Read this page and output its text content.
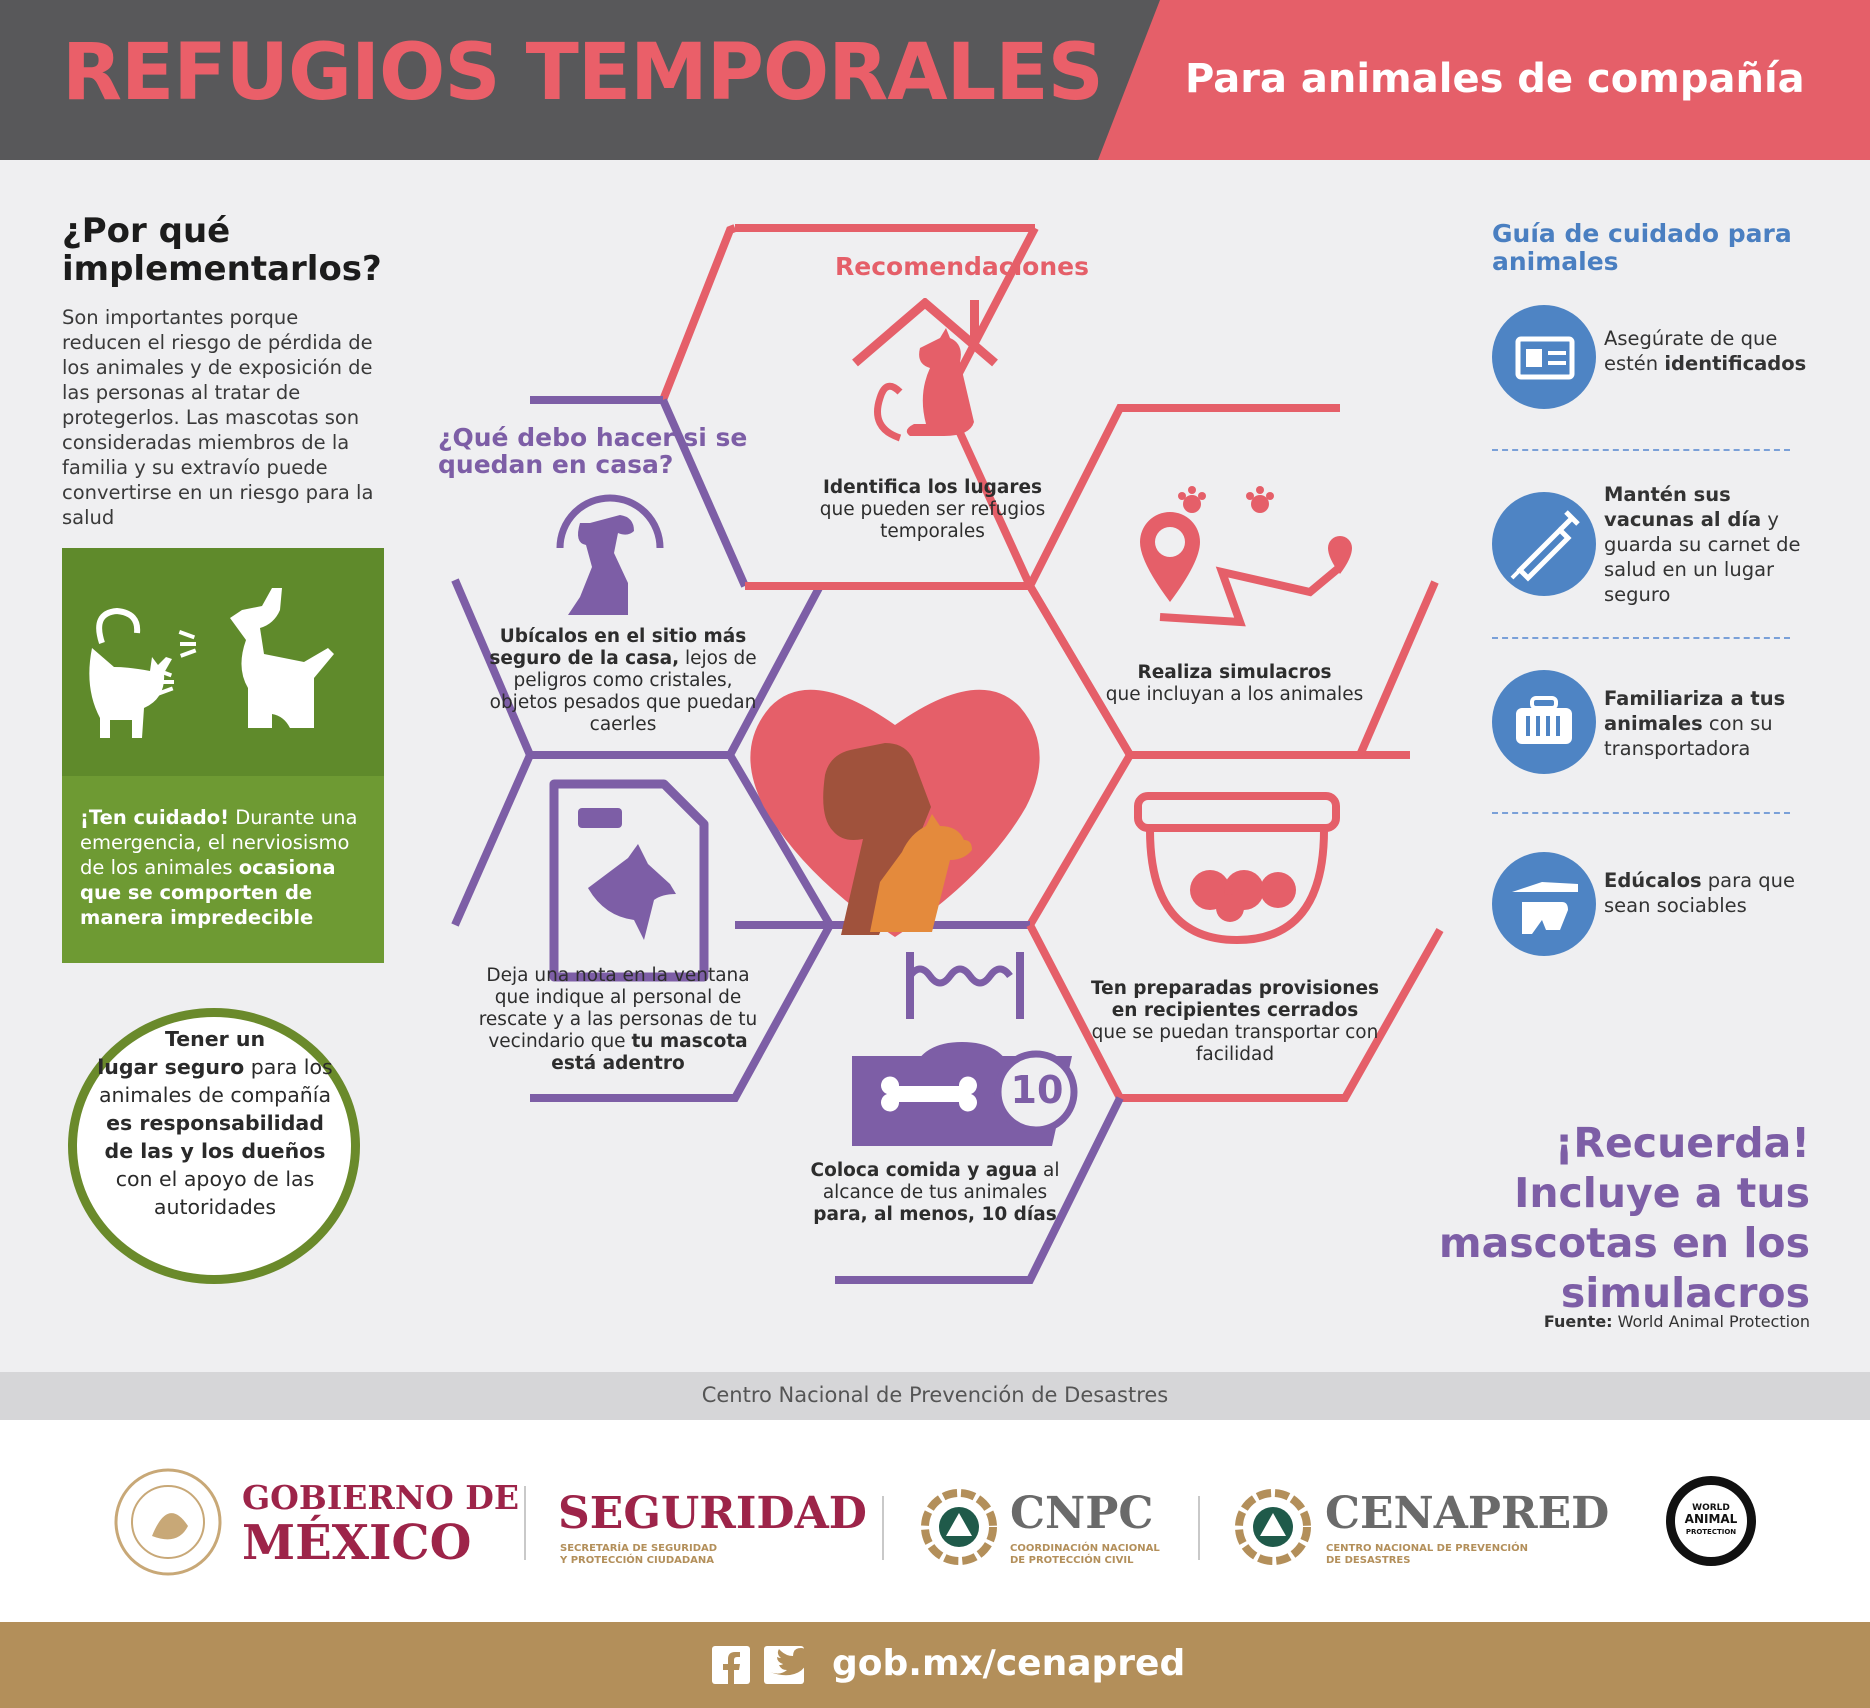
REFUGIOS TEMPORALES Para animales de compañía
¿Por qué implementarlos?
Son importantes porque reducen el riesgo de pérdida de los animales y de exposición de las personas al tratar de protegerlos. Las mascotas son consideradas miembros de la familia y su extravío puede convertirse en un riesgo para la salud
¡Ten cuidado! Durante una emergencia, el nerviosismo de los animales ocasiona que se comporten de manera impredecible
Tener un
lugar seguro para los animales de compañía es responsabilidad de las y los dueños con el apoyo de las autoridades
Recomendaciones
Identifica los lugares
que pueden ser refugios temporales
¿Qué debo hacer si se quedan en casa?
Ubícalos en el sitio más seguro de la casa, lejos de peligros como cristales, objetos pesados que puedan caerles
Deja una nota en la ventana que indique al personal de rescate y a las personas de tu vecindario que tu mascota está adentro
10
Coloca comida y agua al alcance de tus animales para, al menos, 10 días
Realiza simulacros
que incluyan a los animales
Ten preparadas provisiones en recipientes cerrados
que se puedan transportar con facilidad
Guía de cuidado para animales
Asegúrate de que estén identificados
Mantén sus vacunas al día y guarda su carnet de salud en un lugar seguro
Familiariza a tus animales con su transportadora
Edúcalos para que sean sociables
¡Recuerda! Incluye a tus mascotas en los simulacros
Fuente: World Animal Protection
Centro Nacional de Prevención de Desastres
GOBIERNO DE
MÉXICO
SEGURIDAD
SECRETARÍA DE SEGURIDAD
Y PROTECCIÓN CIUDADANA
CNPC
COORDINACIÓN NACIONAL
DE PROTECCIÓN CIVIL
CENAPRED
CENTRO NACIONAL DE PREVENCIÓN
DE DESASTRES
WORLD
ANIMAL
PROTECTION
gob.mx/cenapred
